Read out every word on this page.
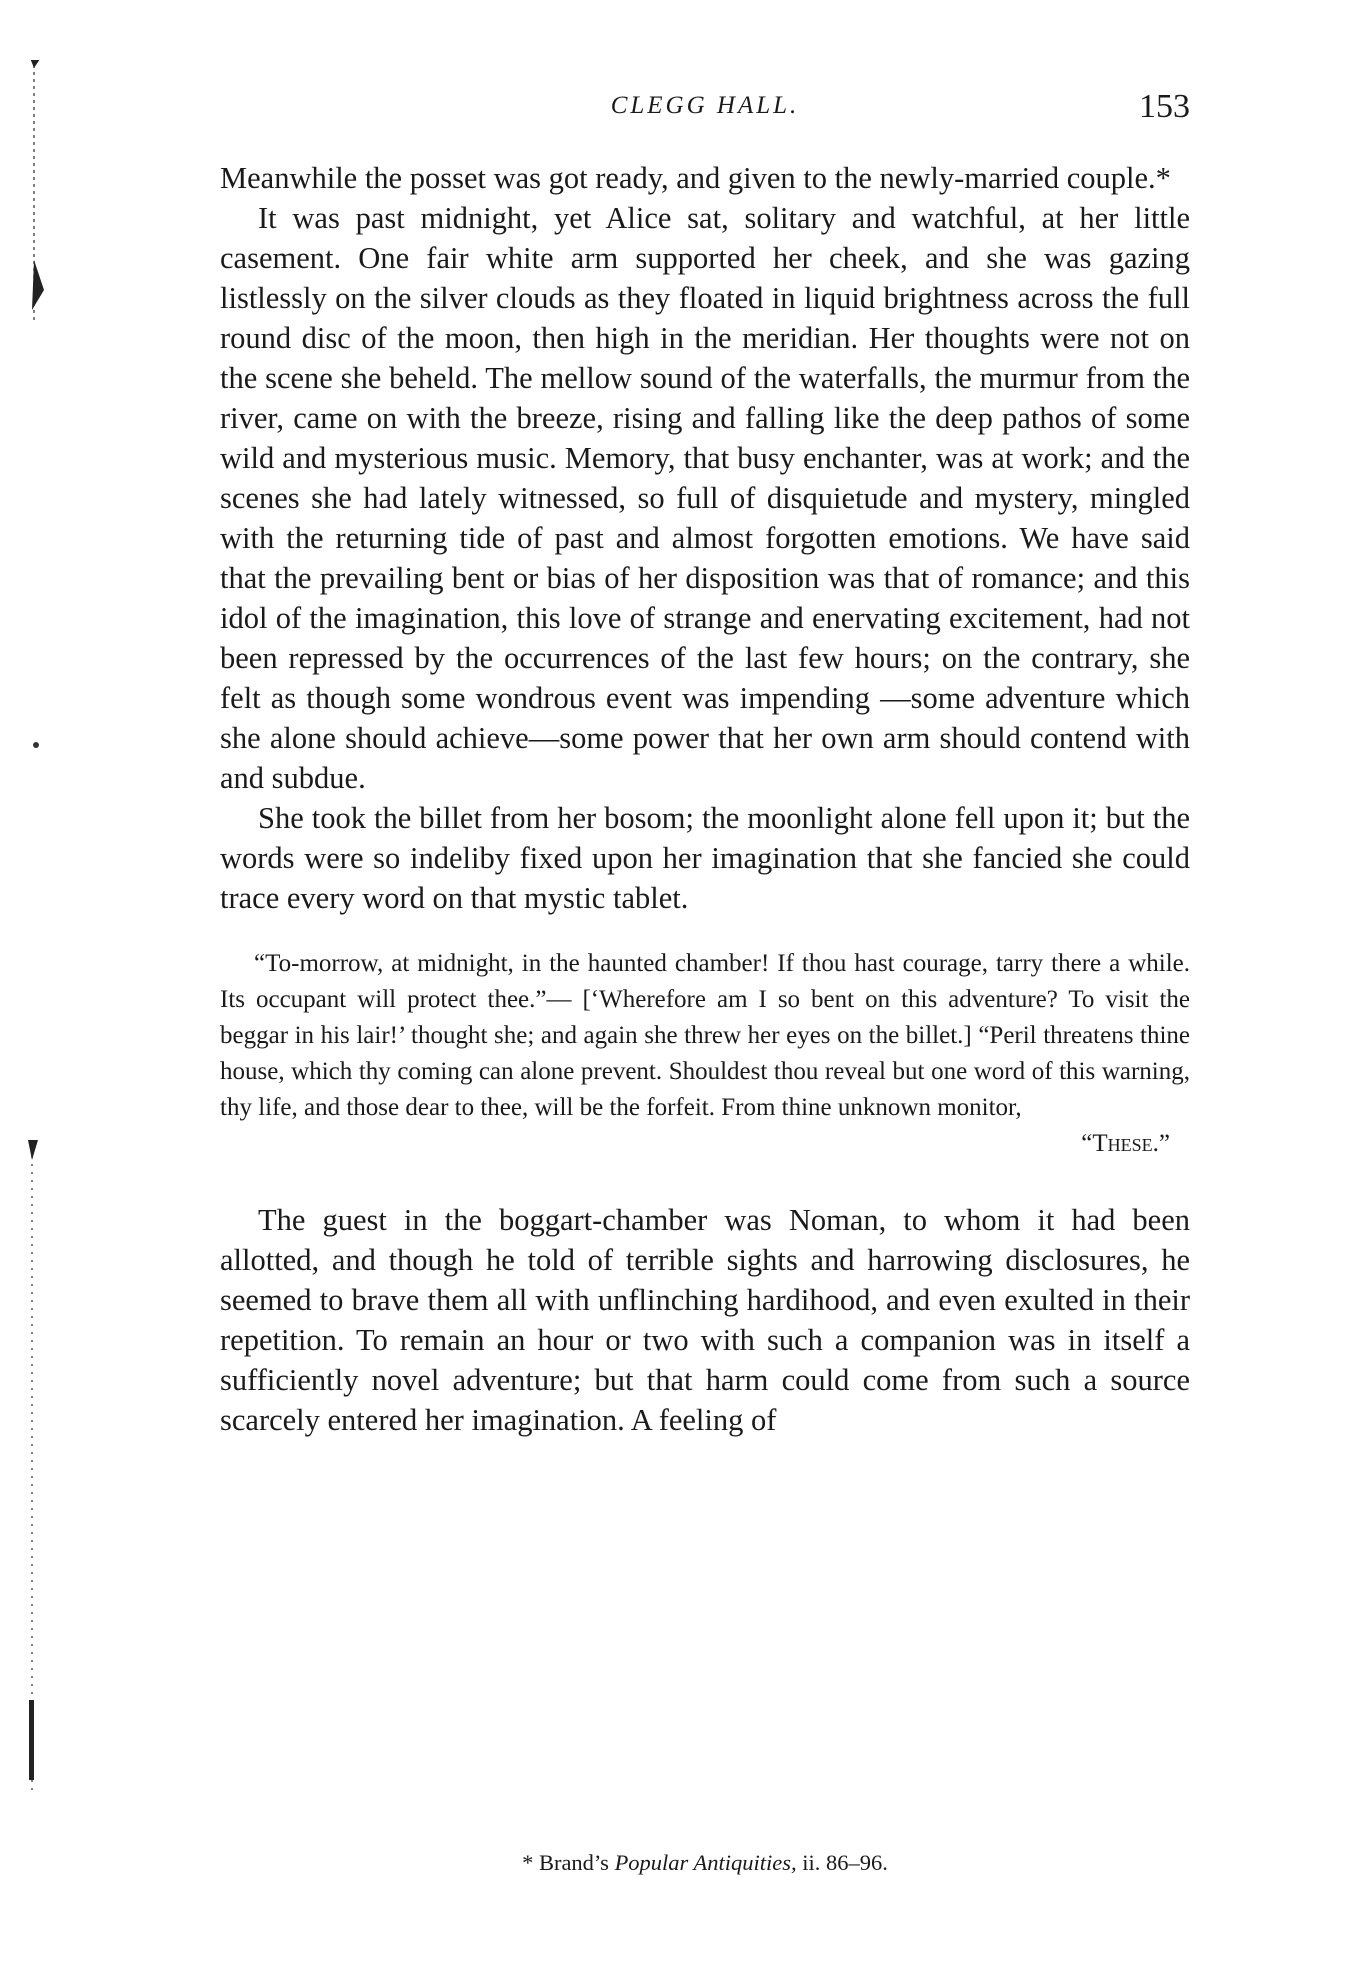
CLEGG HALL.	153

Meanwhile the posset was got ready, and given to the newly-married couple.*

It was past midnight, yet Alice sat, solitary and watchful, at her little casement. One fair white arm supported her cheek, and she was gazing listlessly on the silver clouds as they floated in liquid brightness across the full round disc of the moon, then high in the meridian. Her thoughts were not on the scene she beheld. The mellow sound of the waterfalls, the murmur from the river, came on with the breeze, rising and falling like the deep pathos of some wild and mysterious music. Memory, that busy enchanter, was at work; and the scenes she had lately witnessed, so full of disquietude and mystery, mingled with the returning tide of past and almost forgotten emotions. We have said that the prevailing bent or bias of her disposition was that of romance; and this idol of the imagination, this love of strange and enervating excitement, had not been repressed by the occurrences of the last few hours; on the contrary, she felt as though some wondrous event was impending —some adventure which she alone should achieve—some power that her own arm should contend with and subdue.

She took the billet from her bosom; the moonlight alone fell upon it; but the words were so indeliby fixed upon her imagination that she fancied she could trace every word on that mystic tablet.

“To-morrow, at midnight, in the haunted chamber! If thou hast courage, tarry there a while. Its occupant will protect thee.”— [‘Wherefore am I so bent on this adventure? To visit the beggar in his lair!’ thought she; and again she threw her eyes on the billet.] “Peril threatens thine house, which thy coming can alone prevent. Shouldest thou reveal but one word of this warning, thy life, and those dear to thee, will be the forfeit. From thine unknown monitor,

“These.”

The guest in the boggart-chamber was Noman, to whom it had been allotted, and though he told of terrible sights and harrowing disclosures, he seemed to brave them all with unflinching hardihood, and even exulted in their repetition. To remain an hour or two with such a companion was in itself a sufficiently novel adventure; but that harm could come from such a source scarcely entered her imagination. A feeling of

* Brand’s Popular Antiquities, ii. 86–96.
